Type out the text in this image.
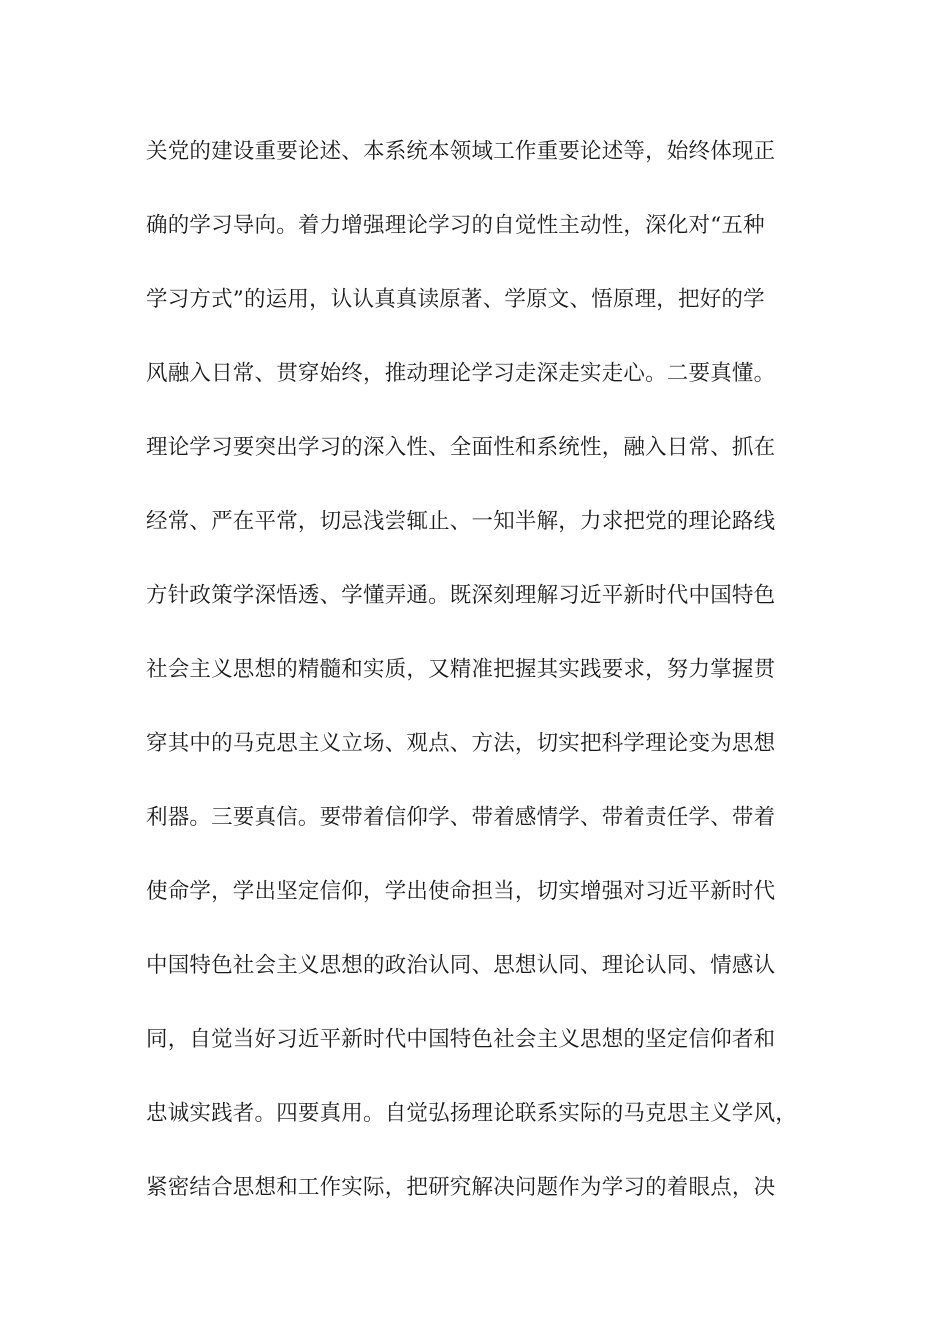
关党的建设重要论述、本系统本领域工作重要论述等，始终体现正
确的学习导向。着力增强理论学习的自觉性主动性，深化对“五种
学习方式”的运用，认认真真读原著、学原文、悟原理，把好的学
风融入日常、贯穿始终，推动理论学习走深走实走心。二要真懂。
理论学习要突出学习的深入性、全面性和系统性，融入日常、抓在
经常、严在平常，切忌浅尝辄止、一知半解，力求把党的理论路线
方针政策学深悟透、学懂弄通。既深刻理解习近平新时代中国特色
社会主义思想的精髓和实质，又精准把握其实践要求，努力掌握贯
穿其中的马克思主义立场、观点、方法，切实把科学理论变为思想
利器。三要真信。要带着信仰学、带着感情学、带着责任学、带着
使命学，学出坚定信仰，学出使命担当，切实增强对习近平新时代
中国特色社会主义思想的政治认同、思想认同、理论认同、情感认
同，自觉当好习近平新时代中国特色社会主义思想的坚定信仰者和
忠诚实践者。四要真用。自觉弘扬理论联系实际的马克思主义学风，
紧密结合思想和工作实际，把研究解决问题作为学习的着眼点，决
